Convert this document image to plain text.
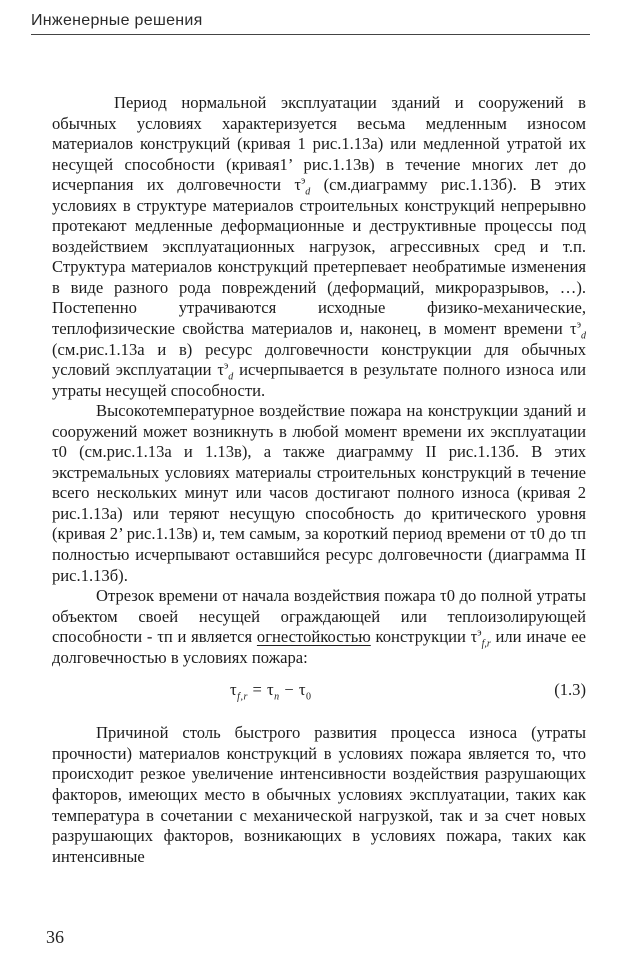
Инженерные решения

Период нормальной эксплуатации зданий и сооружений в обычных условиях характеризуется весьма медленным износом материалов конструкций (кривая 1 рис.1.13а) или медленной утратой их несущей способности (кривая1’ рис.1.13в) в течение многих лет до исчерпания их долговечности $\tau^э_d$ (см.диаграмму рис.1.13б). В этих условиях в структуре материалов строительных конструкций непрерывно протекают медленные деформационные и деструктивные процессы под воздействием эксплуатационных нагрузок, агрессивных сред и т.п. Структура материалов конструкций претерпевает необратимые изменения в виде разного рода повреждений (деформаций, микроразрывов, …). Постепенно утрачиваются исходные физико-механические, теплофизические свойства материалов и, наконец, в момент времени $\tau^э_d$ (см.рис.1.13а и в) ресурс долговечности конструкции для обычных условий эксплуатации $\tau^э_d$ исчерпывается в результате полного износа или утраты несущей способности.

Высокотемпературное воздействие пожара на конструкции зданий и сооружений может возникнуть в любой момент времени их эксплуатации τ0 (см.рис.1.13а и 1.13в), а также диаграмму II рис.1.13б. В этих экстремальных условиях материалы строительных конструкций в течение всего нескольких минут или часов достигают полного износа (кривая 2 рис.1.13а) или теряют несущую способность до критического уровня (кривая 2’ рис.1.13в) и, тем самым, за короткий период времени от τ0 до τп полностью исчерпывают оставшийся ресурс долговечности (диаграмма II рис.1.13б).

Отрезок времени от начала воздействия пожара τ0 до полной утраты объектом своей несущей ограждающей или теплоизолирующей способности - τп и является огнестойкостью конструкции $\tau^э_{f,r}$ или иначе ее долговечностью в условиях пожара:

$\tau_{f,r} = \tau_п - \tau_0$	(1.3)

Причиной столь быстрого развития процесса износа (утраты прочности) материалов конструкций в условиях пожара является то, что происходит резкое увеличение интенсивности воздействия разрушающих факторов, имеющих место в обычных условиях эксплуатации, таких как температура в сочетании с механической нагрузкой, так и за счет новых разрушающих факторов, возникающих в условиях пожара, таких как интенсивные

36
